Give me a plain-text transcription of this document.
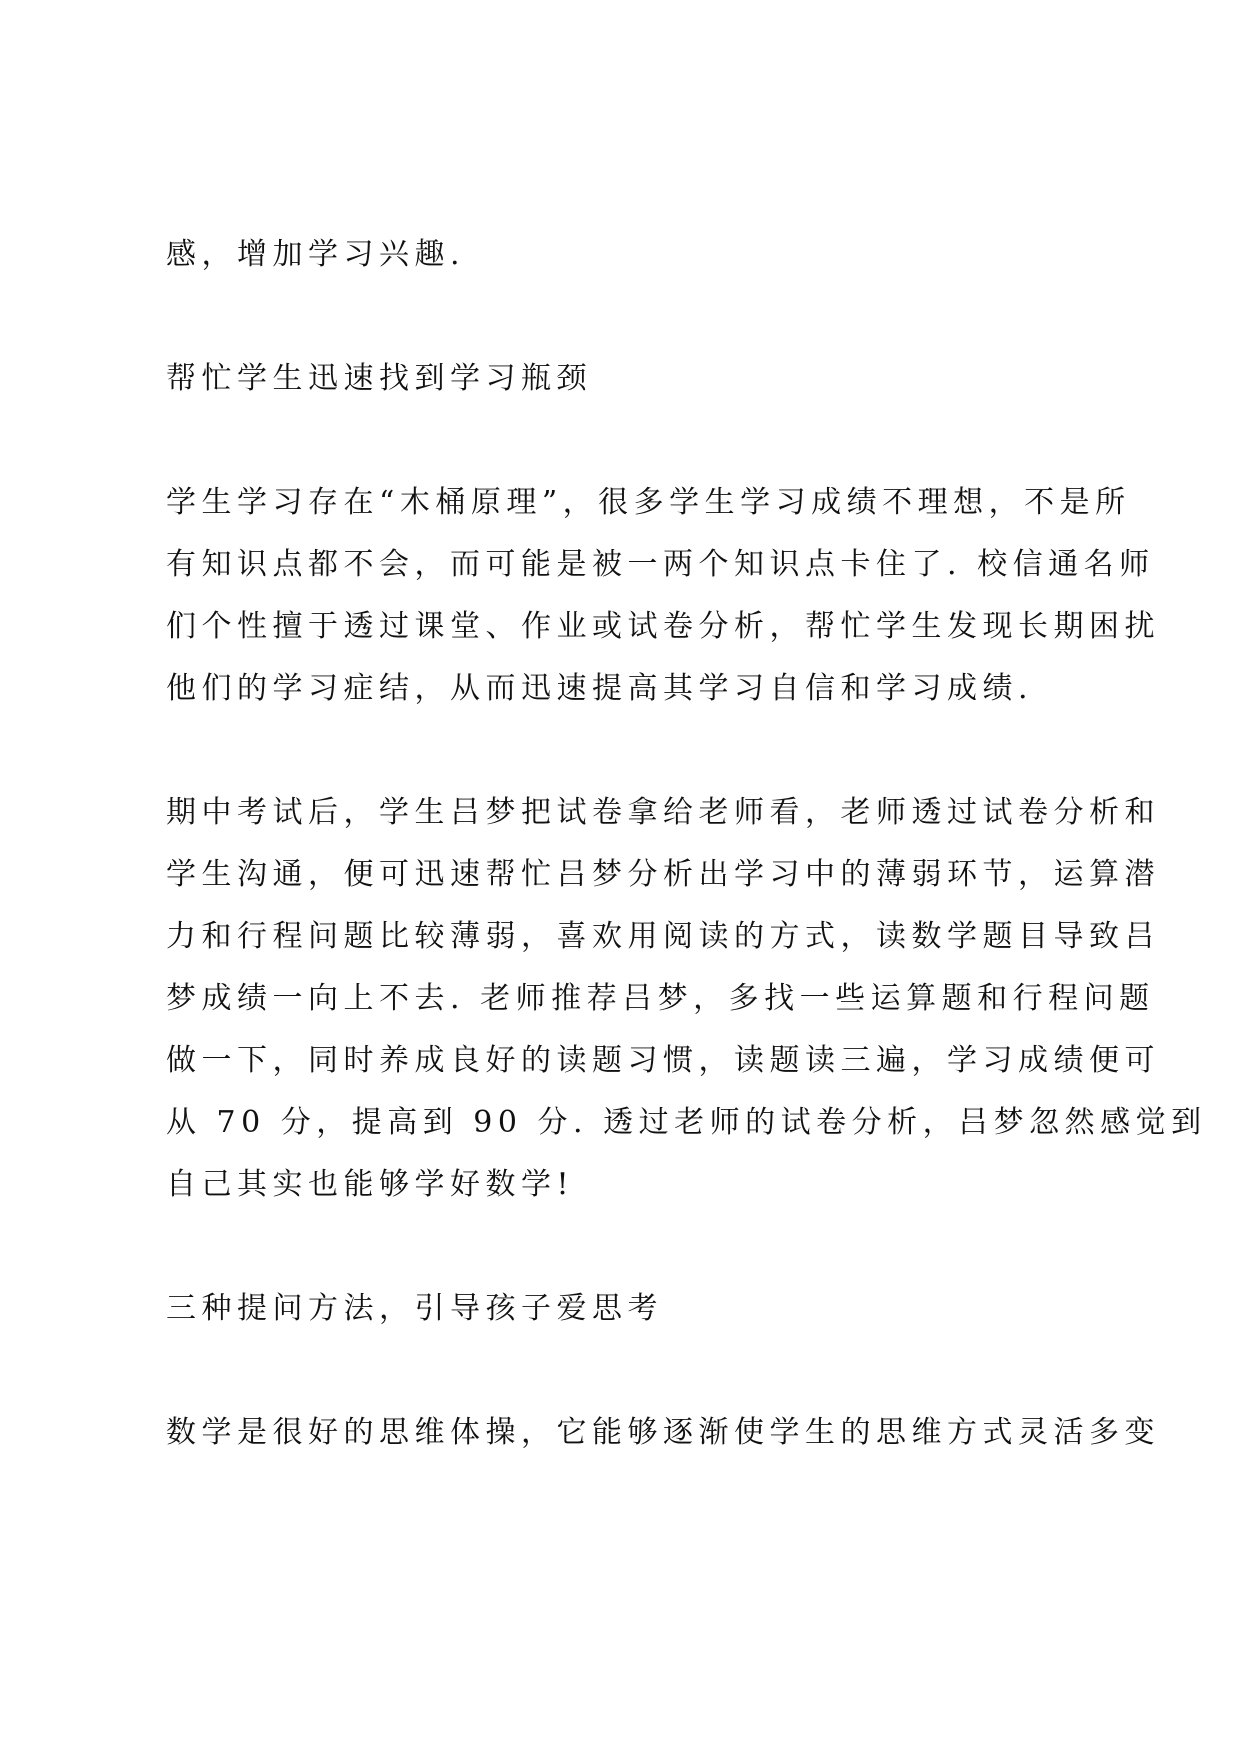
感，增加学习兴趣.
帮忙学生迅速找到学习瓶颈
学生学习存在“木桶原理”，很多学生学习成绩不理想，不是所
有知识点都不会，而可能是被一两个知识点卡住了. 校信通名师
们个性擅于透过课堂、作业或试卷分析，帮忙学生发现长期困扰
他们的学习症结，从而迅速提高其学习自信和学习成绩.
期中考试后，学生吕梦把试卷拿给老师看，老师透过试卷分析和
学生沟通，便可迅速帮忙吕梦分析出学习中的薄弱环节，运算潜
力和行程问题比较薄弱，喜欢用阅读的方式，读数学题目导致吕
梦成绩一向上不去. 老师推荐吕梦，多找一些运算题和行程问题
做一下，同时养成良好的读题习惯，读题读三遍，学习成绩便可
从 70 分，提高到 90 分. 透过老师的试卷分析，吕梦忽然感觉到
自己其实也能够学好数学!
三种提问方法，引导孩子爱思考
数学是很好的思维体操，它能够逐渐使学生的思维方式灵活多变
